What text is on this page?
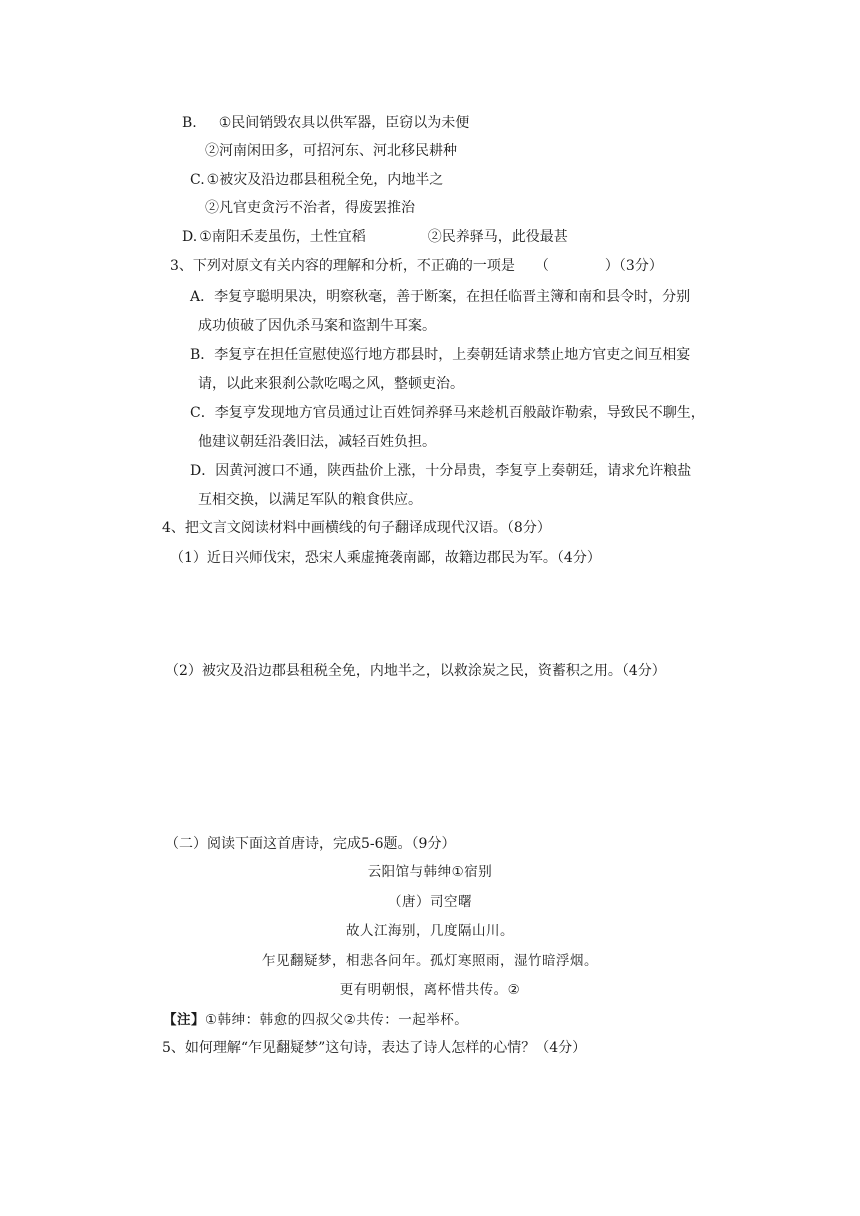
B. ①民间销毁农具以供军器，臣窃以为未便
②河南闲田多，可招河东、河北移民耕种
C. ①被灾及沿边郡县租税全免，内地半之
②凡官吏贪污不治者，得废罢推治
D. ①南阳禾麦虽伤，土性宜稻	②民养驿马，此役最甚
3、下列对原文有关内容的理解和分析，不正确的一项是 （　　　　）（3分）
A．李复亨聪明果决，明察秋毫，善于断案，在担任临晋主簿和南和县令时，分别
成功侦破了因仇杀马案和盗割牛耳案。
B．李复亨在担任宣慰使巡行地方郡县时，上奏朝廷请求禁止地方官吏之间互相宴
请，以此来狠刹公款吃喝之风，整顿吏治。
C．李复亨发现地方官员通过让百姓饲养驿马来趁机百般敲诈勒索，导致民不聊生，
他建议朝廷沿袭旧法，减轻百姓负担。
D．因黄河渡口不通，陕西盐价上涨，十分昂贵，李复亨上奏朝廷，请求允许粮盐
互相交换，以满足军队的粮食供应。
4、把文言文阅读材料中画横线的句子翻译成现代汉语。（8分）
（1）近日兴师伐宋，恐宋人乘虚掩袭南鄙，故籍边郡民为军。（4分）
（2）被灾及沿边郡县租税全免，内地半之，以救涂炭之民，资蓄积之用。（4分）
（二）阅读下面这首唐诗，完成5-6题。（9分）
云阳馆与韩绅①宿别
（唐）司空曙
故人江海别，几度隔山川。
乍见翻疑梦，相悲各问年。孤灯寒照雨，湿竹暗浮烟。
更有明朝恨，离杯惜共传。②
【注】①韩绅：韩愈的四叔父②共传：一起举杯。
5、如何理解“乍见翻疑梦”这句诗，表达了诗人怎样的心情？（4分）
